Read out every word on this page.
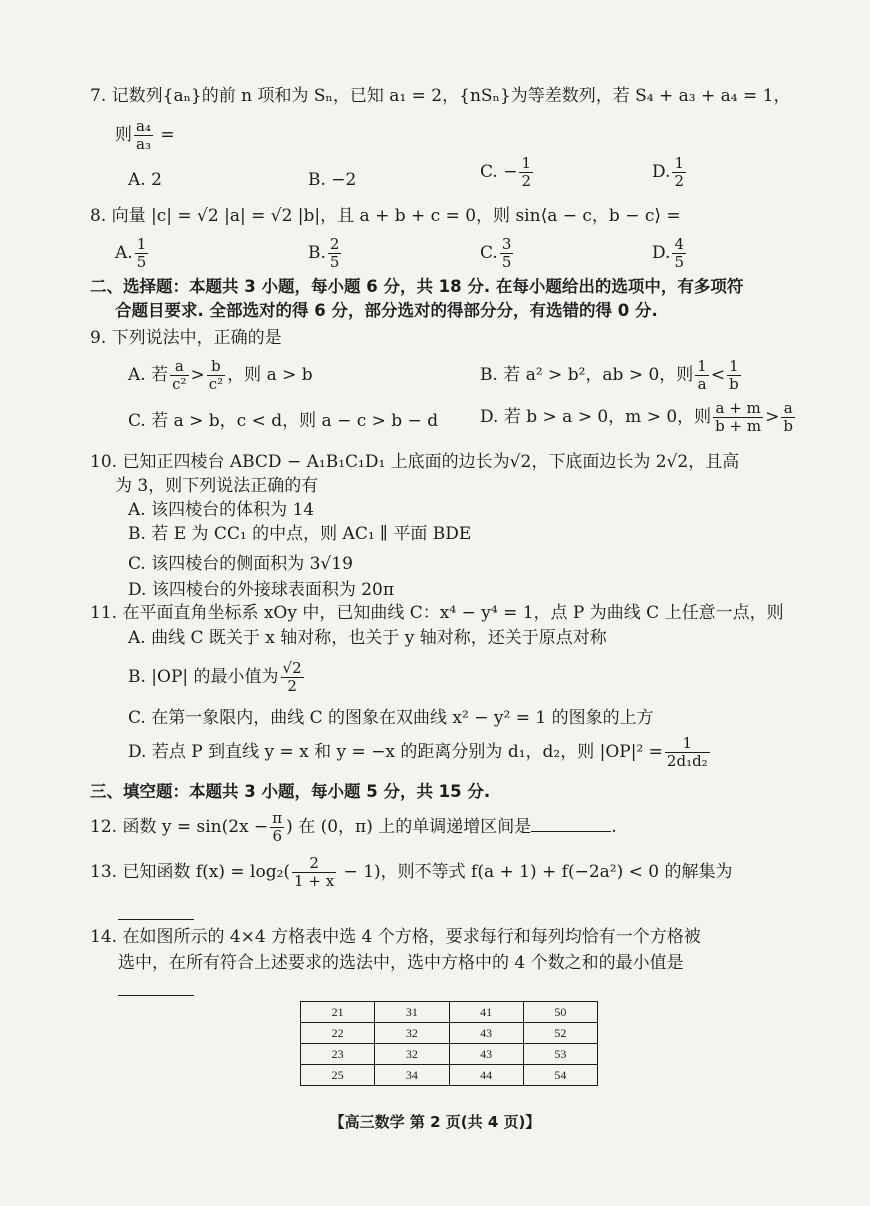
7. 记数列{aₙ}的前 n 项和为 Sₙ，已知 a₁ = 2，{nSₙ}为等差数列，若 S₄ + a₃ + a₄ = 1，
则 $\frac{\text{a₄}}{\text{a₃}}$ =
A. 2	B. −2	C. − $\frac{1}{2}$	D. $\frac{1}{2}$
8. 向量 |c| = √2 |a| = √2 |b|，且 a + b + c = 0，则 sin⟨a − c，b − c⟩ =
A. $\frac{1}{5}$	B. $\frac{2}{5}$	C. $\frac{3}{5}$	D. $\frac{4}{5}$
二、选择题：本题共 3 小题，每小题 6 分，共 18 分. 在每小题给出的选项中，有多项符
合题目要求. 全部选对的得 6 分，部分选对的得部分分，有选错的得 0 分.
9. 下列说法中，正确的是
A. 若 $\frac{a}{\text{c²}} > \frac{b}{\text{c²}}$ ，则 a > b	B. 若 a² > b²，ab > 0，则 $\frac{1}{a} < \frac{1}{b}$
C. 若 a > b，c < d，则 a − c > b − d D. 若 b > a > 0，m > 0，则 $\frac{a + m}{b + m} > \frac{a}{b}$
10. 已知正四棱台 ABCD − A₁B₁C₁D₁ 上底面的边长为√2，下底面边长为 2√2，且高
为 3，则下列说法正确的有
A. 该四棱台的体积为 14
B. 若 E 为 CC₁ 的中点，则 AC₁ ∥ 平面 BDE
C. 该四棱台的侧面积为 3√19
D. 该四棱台的外接球表面积为 20π
11. 在平面直角坐标系 xOy 中，已知曲线 C：x⁴ − y⁴ = 1，点 P 为曲线 C 上任意一点，则
A. 曲线 C 既关于 x 轴对称，也关于 y 轴对称，还关于原点对称
B. |OP| 的最小值为 $\frac{√2}{2}$
C. 在第一象限内，曲线 C 的图象在双曲线 x² − y² = 1 的图象的上方
D. 若点 P 到直线 y = x 和 y = −x 的距离分别为 d₁，d₂，则 $|OP|^2 = \frac{1}{\text{2d₁d₂}}$
三、填空题：本题共 3 小题，每小题 5 分，共 15 分.
12. 函数 $y = \sin(2x - \frac{\pi}{6}$ ) 在 (0，π) 上的单调递增区间是	.
13. 已知函数 $f(x) = \log_2( \frac{2}{1 + x} - 1)$，则不等式 f(a + 1) + f(−2a²) < 0 的解集为
14. 在如图所示的 4×4 方格表中选 4 个方格，要求每行和每列均恰有一个方格被
选中，在所有符合上述要求的选法中，选中方格中的 4 个数之和的最小值是
21	31	41	50
22	32	43	52
23	32	43	53
25	34	44	54
【高三数学 第 2 页(共 4 页)】
